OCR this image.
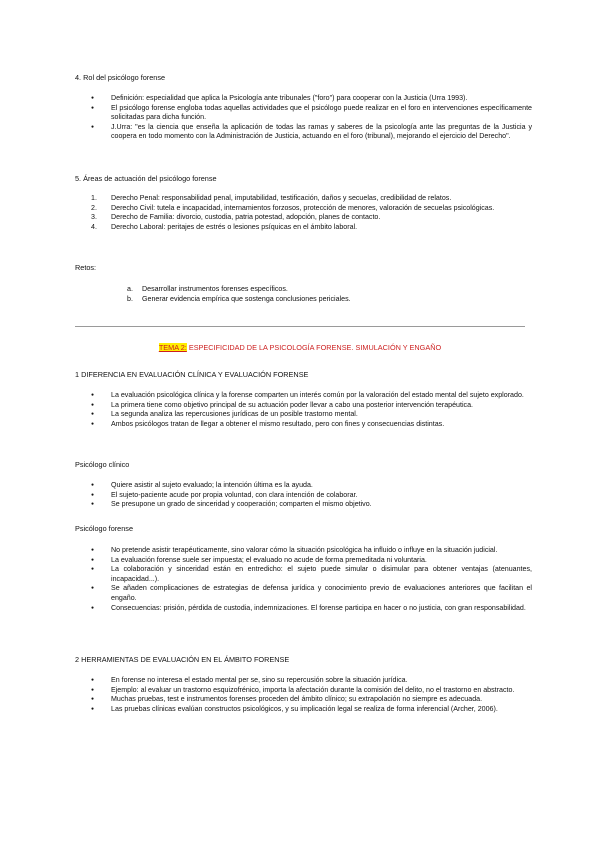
4. Rol del psicólogo forense
● Definición: especialidad que aplica la Psicología ante tribunales ("foro") para cooperar con la Justicia (Urra 1993).
● El psicólogo forense engloba todas aquellas actividades que el psicólogo puede realizar en el foro en intervenciones específicamente solicitadas para dicha función.
● J.Urra: "es la ciencia que enseña la aplicación de todas las ramas y saberes de la psicología ante las preguntas de la Justicia y coopera en todo momento con la Administración de Justicia, actuando en el foro (tribunal), mejorando el ejercicio del Derecho".
5. Áreas de actuación del psicólogo forense
1. Derecho Penal: responsabilidad penal, imputabilidad, testificación, daños y secuelas, credibilidad de relatos.
2. Derecho Civil: tutela e incapacidad, internamientos forzosos, protección de menores, valoración de secuelas psicológicas.
3. Derecho de Familia: divorcio, custodia, patria potestad, adopción, planes de contacto.
4. Derecho Laboral: peritajes de estrés o lesiones psíquicas en el ámbito laboral.
Retos:
a. Desarrollar instrumentos forenses específicos.
b. Generar evidencia empírica que sostenga conclusiones periciales.
TEMA 2: ESPECIFICIDAD DE LA PSICOLOGÍA FORENSE. SIMULACIÓN Y ENGAÑO
1 DIFERENCIA EN EVALUACIÓN CLÍNICA Y EVALUACIÓN FORENSE
● La evaluación psicológica clínica y la forense comparten un interés común por la valoración del estado mental del sujeto explorado.
● La primera tiene como objetivo principal de su actuación poder llevar a cabo una posterior intervención terapéutica.
● La segunda analiza las repercusiones jurídicas de un posible trastorno mental.
● Ambos psicólogos tratan de llegar a obtener el mismo resultado, pero con fines y consecuencias distintas.
Psicólogo clínico
● Quiere asistir al sujeto evaluado; la intención última es la ayuda.
● El sujeto-paciente acude por propia voluntad, con clara intención de colaborar.
● Se presupone un grado de sinceridad y cooperación; comparten el mismo objetivo.
Psicólogo forense
● No pretende asistir terapéuticamente, sino valorar cómo la situación psicológica ha influido o influye en la situación judicial.
● La evaluación forense suele ser impuesta; el evaluado no acude de forma premeditada ni voluntaria.
● La colaboración y sinceridad están en entredicho: el sujeto puede simular o disimular para obtener ventajas (atenuantes, incapacidad...).
● Se añaden complicaciones de estrategias de defensa jurídica y conocimiento previo de evaluaciones anteriores que facilitan el engaño.
● Consecuencias: prisión, pérdida de custodia, indemnizaciones. El forense participa en hacer o no justicia, con gran responsabilidad.
2 HERRAMIENTAS DE EVALUACIÓN EN EL ÁMBITO FORENSE
● En forense no interesa el estado mental per se, sino su repercusión sobre la situación jurídica.
● Ejemplo: al evaluar un trastorno esquizofrénico, importa la afectación durante la comisión del delito, no el trastorno en abstracto.
● Muchas pruebas, test e instrumentos forenses proceden del ámbito clínico; su extrapolación no siempre es adecuada.
● Las pruebas clínicas evalúan constructos psicológicos, y su implicación legal se realiza de forma inferencial (Archer, 2006).
